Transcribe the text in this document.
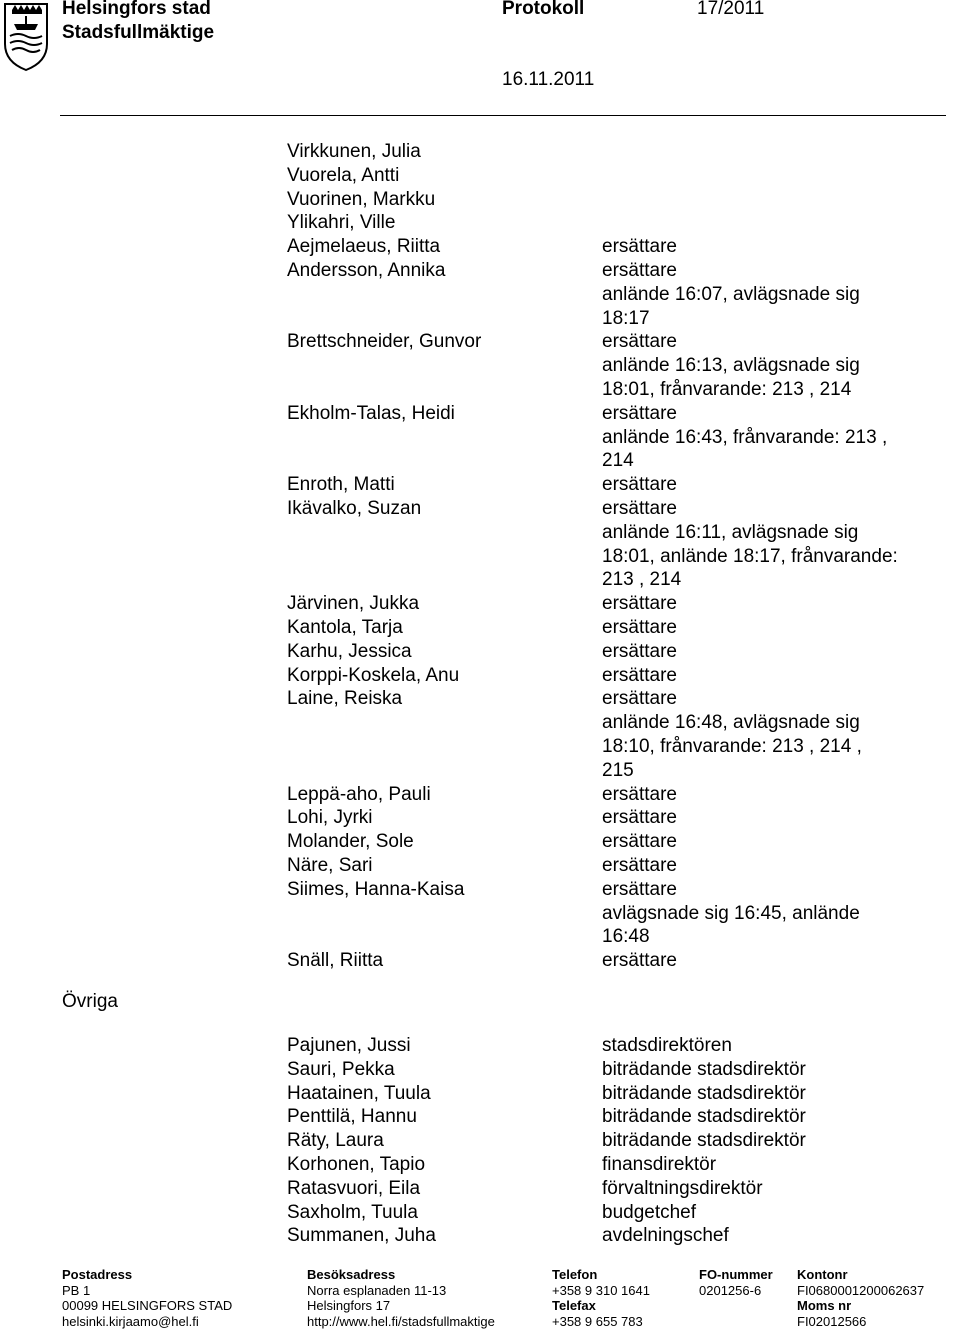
Helsingfors stad
Stadsfullmäktige
Protokoll	17/2011
16.11.2011
Virkkunen, Julia
Vuorela, Antti
Vuorinen, Markku
Ylikahri, Ville
Aejmelaeus, Riitta	ersättare
Andersson, Annika	ersättare
anlände 16:07, avlägsnade sig
18:17
Brettschneider, Gunvor	ersättare
anlände 16:13, avlägsnade sig
18:01, frånvarande: 213 , 214
Ekholm-Talas, Heidi	ersättare
anlände 16:43, frånvarande: 213 ,
214
Enroth, Matti	ersättare
Ikävalko, Suzan	ersättare
anlände 16:11, avlägsnade sig
18:01, anlände 18:17, frånvarande:
213 , 214
Järvinen, Jukka	ersättare
Kantola, Tarja	ersättare
Karhu, Jessica	ersättare
Korppi-Koskela, Anu	ersättare
Laine, Reiska	ersättare
anlände 16:48, avlägsnade sig
18:10, frånvarande: 213 , 214 ,
215
Leppä-aho, Pauli	ersättare
Lohi, Jyrki	ersättare
Molander, Sole	ersättare
Näre, Sari	ersättare
Siimes, Hanna-Kaisa	ersättare
avlägsnade sig 16:45, anlände
16:48
Snäll, Riitta	ersättare
Övriga
Pajunen, Jussi	stadsdirektören
Sauri, Pekka	biträdande stadsdirektör
Haatainen, Tuula	biträdande stadsdirektör
Penttilä, Hannu	biträdande stadsdirektör
Räty, Laura	biträdande stadsdirektör
Korhonen, Tapio	finansdirektör
Ratasvuori, Eila	förvaltningsdirektör
Saxholm, Tuula	budgetchef
Summanen, Juha	avdelningschef
Postadress
PB 1
00099 HELSINGFORS STAD
helsinki.kirjaamo@hel.fi
Besöksadress
Norra esplanaden 11-13
Helsingfors 17
http://www.hel.fi/stadsfullmaktige
Telefon
+358 9 310 1641
Telefax
+358 9 655 783
FO-nummer
0201256-6
Kontonr
FI0680001200062637
Moms nr
FI02012566
